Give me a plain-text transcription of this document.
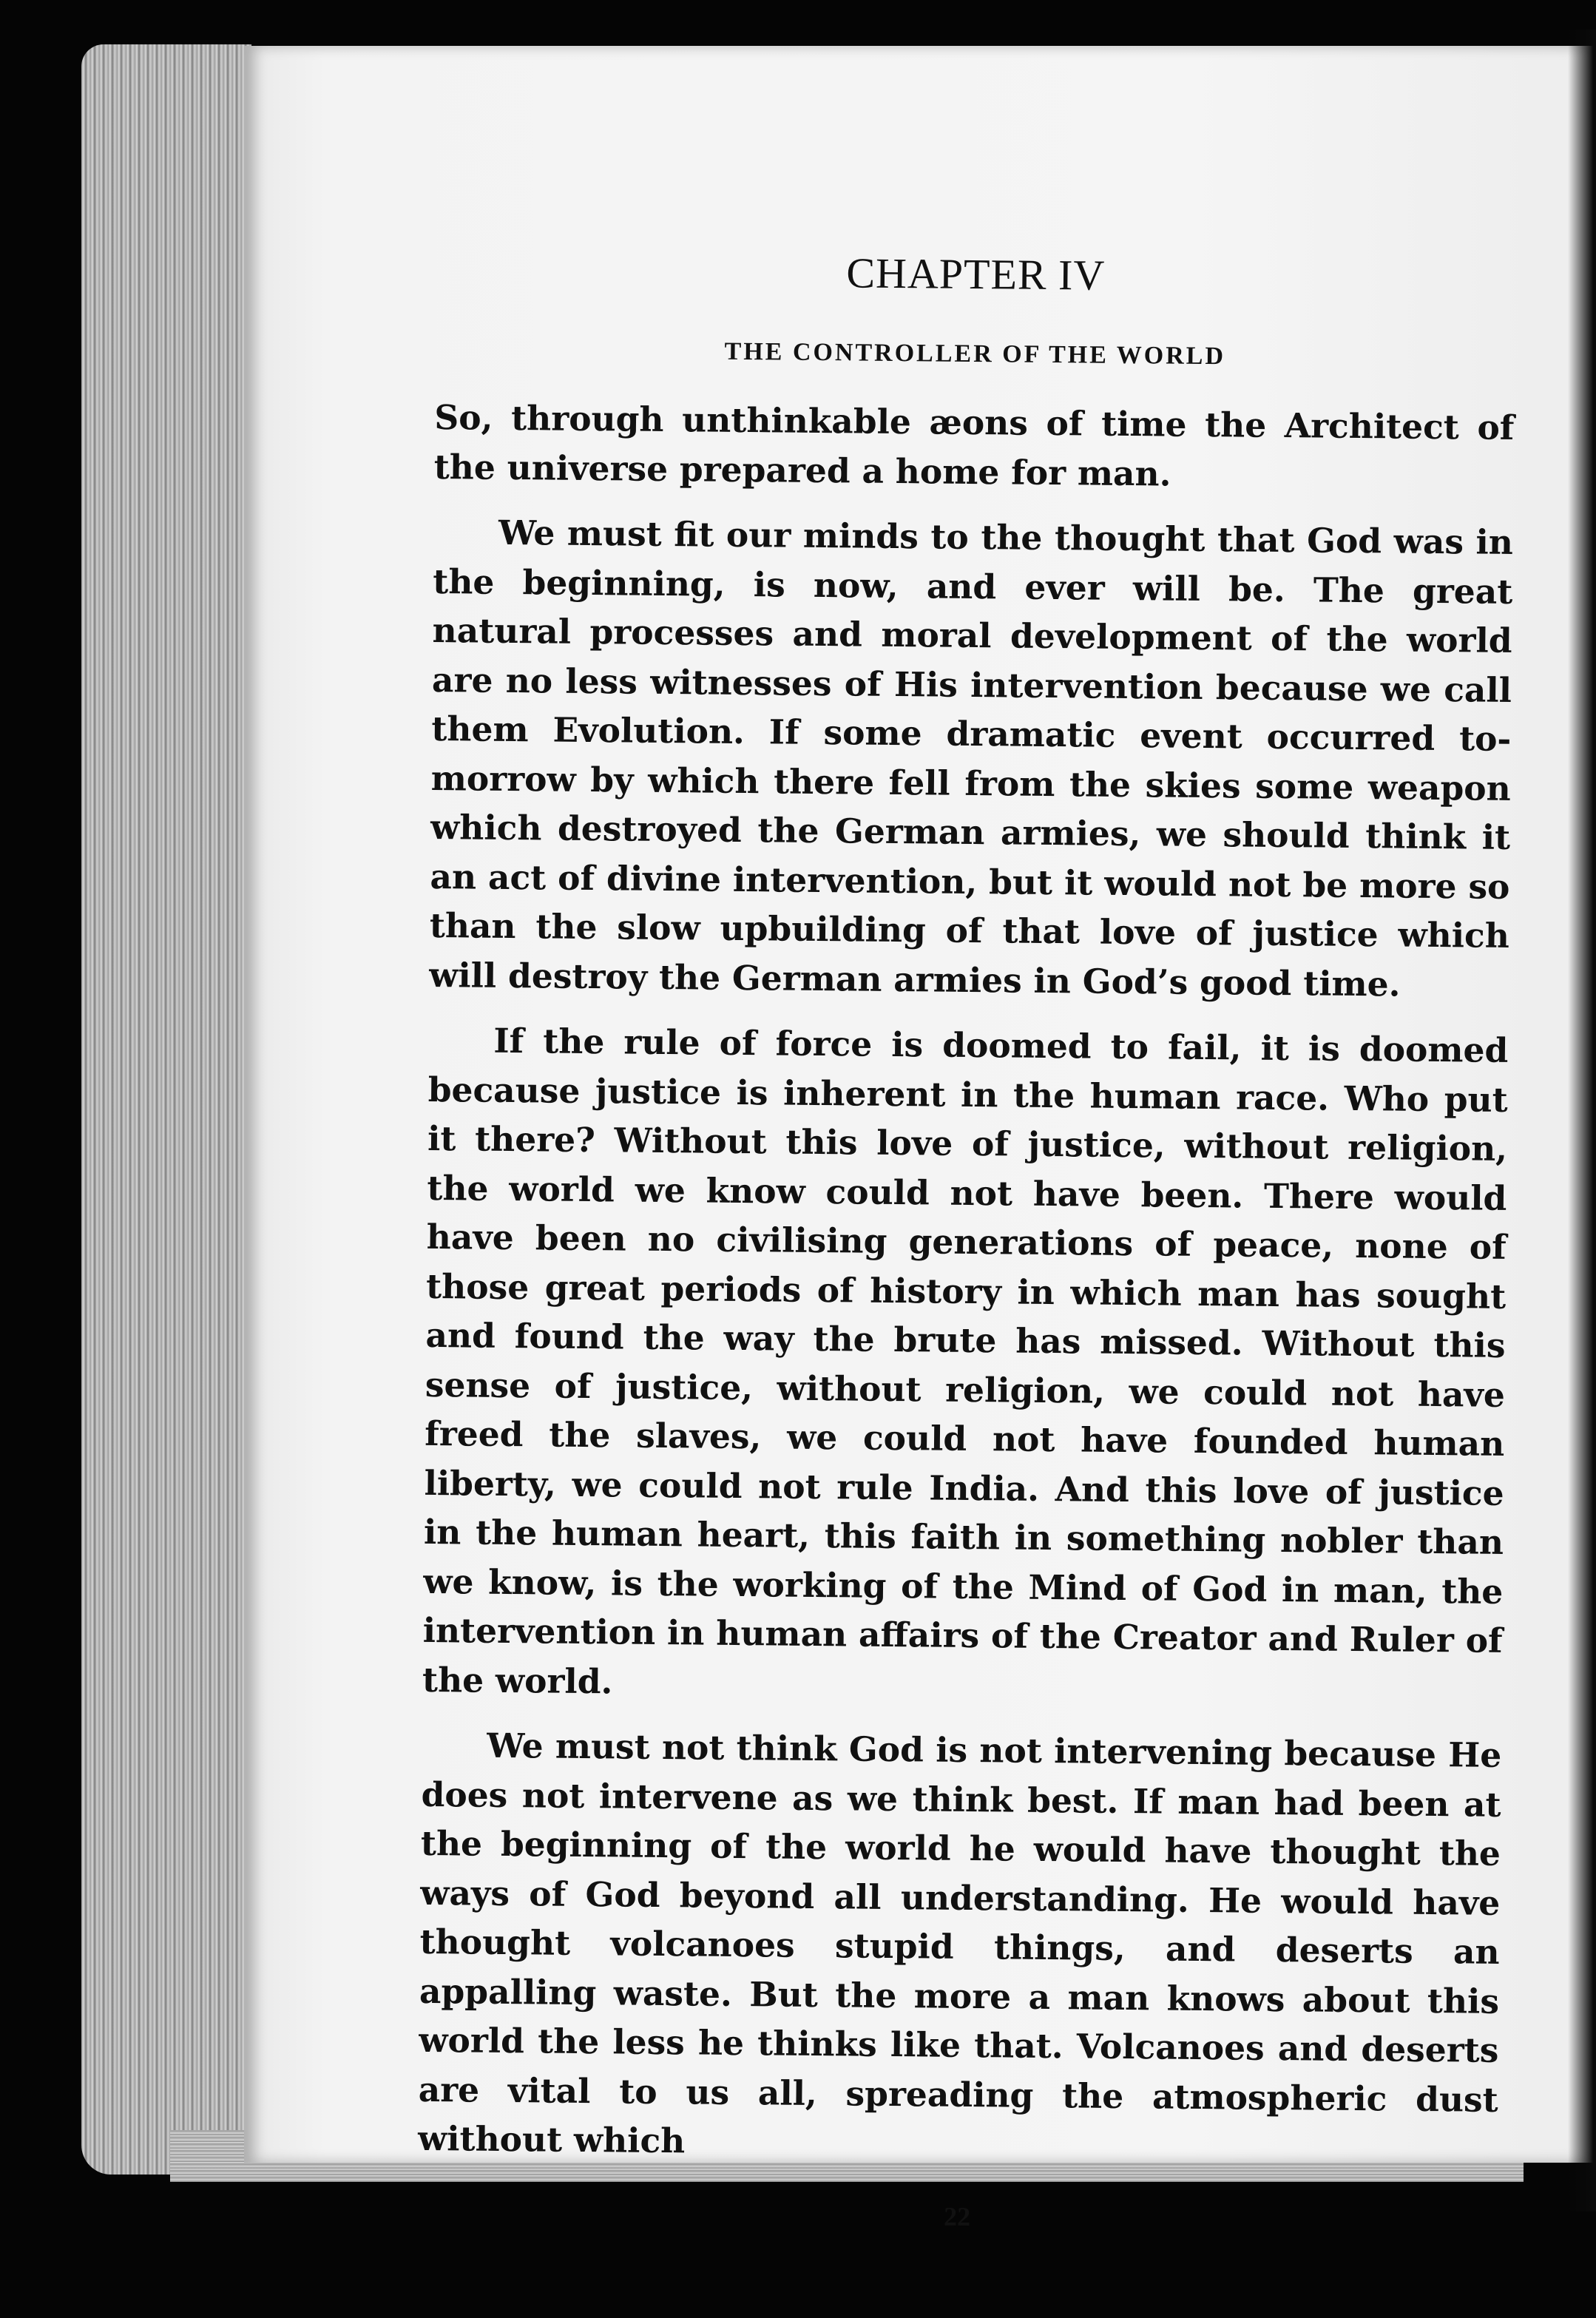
CHAPTER IV
THE CONTROLLER OF THE WORLD

So, through unthinkable æons of time the Architect of the universe prepared a home for man.

We must fit our minds to the thought that God was in the beginning, is now, and ever will be. The great natural processes and moral development of the world are no less witnesses of His intervention because we call them Evolution. If some dramatic event occurred to-morrow by which there fell from the skies some weapon which destroyed the German armies, we should think it an act of divine intervention, but it would not be more so than the slow upbuilding of that love of justice which will destroy the German armies in God’s good time.

If the rule of force is doomed to fail, it is doomed because justice is inherent in the human race. Who put it there? Without this love of justice, without religion, the world we know could not have been. There would have been no civilising generations of peace, none of those great periods of history in which man has sought and found the way the brute has missed. Without this sense of justice, without religion, we could not have freed the slaves, we could not have founded human liberty, we could not rule India. And this love of justice in the human heart, this faith in something nobler than we know, is the working of the Mind of God in man, the intervention in human affairs of the Creator and Ruler of the world.

We must not think God is not intervening because He does not intervene as we think best. If man had been at the beginning of the world he would have thought the ways of God beyond all understanding. He would have thought volcanoes stupid things, and deserts an appalling waste. But the more a man knows about this world the less he thinks like that. Volcanoes and deserts are vital to us all, spreading the atmospheric dust without which

22
